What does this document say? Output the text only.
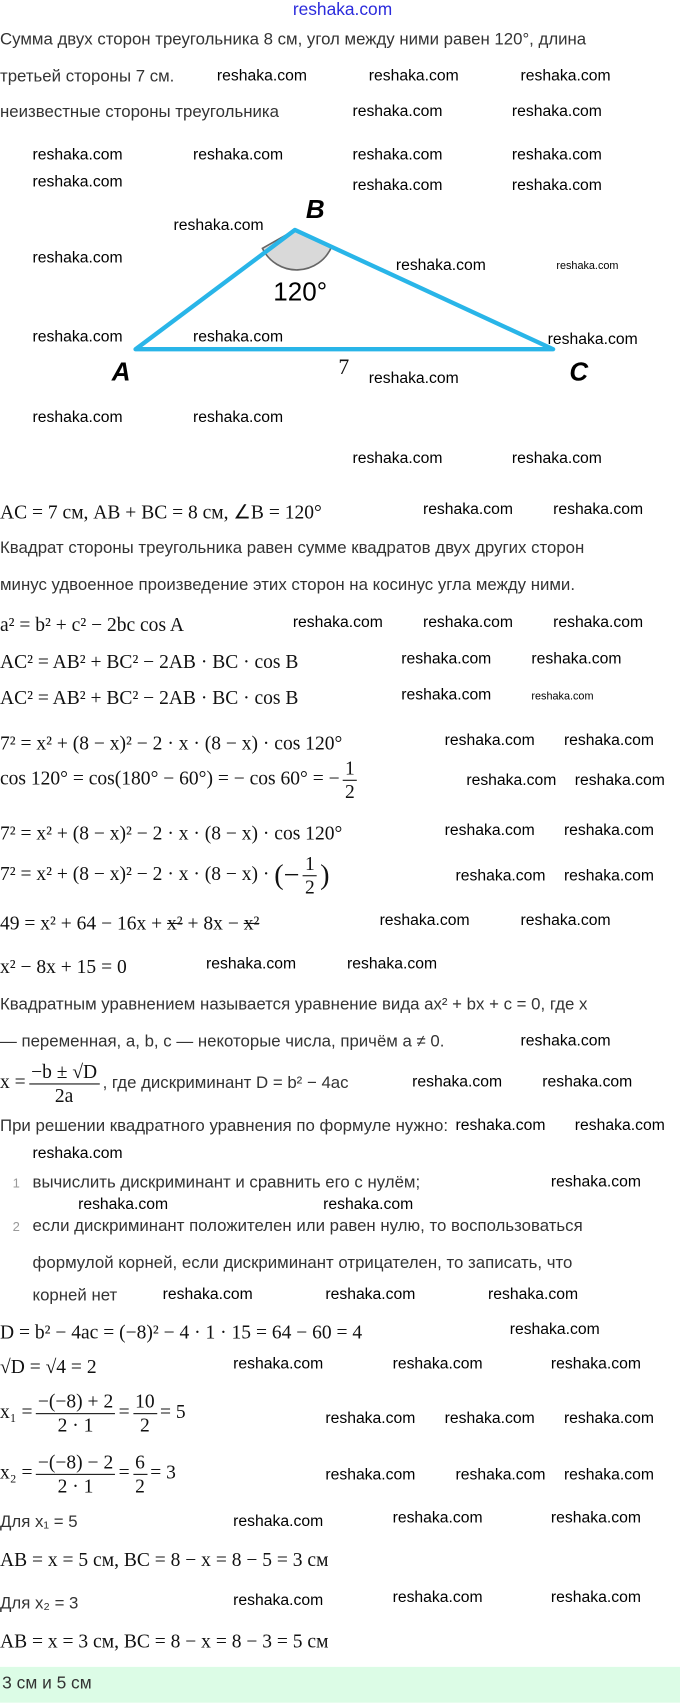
reshaka.com
Сумма двух сторон треугольника 8 см, угол между ними равен 120°, длина
третьей стороны 7 см.
неизвестные стороны треугольника
B
A	C
120°
7
AC = 7 см, AB + BC = 8 см, ∠B = 120°
Квадрат стороны треугольника равен сумме квадратов двух других сторон
минус удвоенное произведение этих сторон на косинус угла между ними.
a² = b² + c² − 2bc cos A
AC² = AB² + BC² − 2AB · BC · cos B
AC² = AB² + BC² − 2AB · BC · cos B
7² = x² + (8 − x)² − 2 · x · (8 − x) · cos 120°
cos 120° = cos(180° − 60°) = − cos 60° = − $\frac{1}{2}$
7² = x² + (8 − x)² − 2 · x · (8 − x) · cos 120°
7² = x² + (8 − x)² − 2 · x · (8 − x) · (− $\frac{1}{2}$ )
49 = x² + 64 − 16x + x² + 8x − x²
x² − 8x + 15 = 0
Квадратным уравнением называется уравнение вида ax² + bx + c = 0, где x
— переменная, a, b, c — некоторые числа, причём a ≠ 0.
$x = \frac{-b \pm √D}{2a}$ , где дискриминант D = b² − 4ac
При решении квадратного уравнения по формуле нужно:
1 вычислить дискриминант и сравнить его с нулём;
2 если дискриминант положителен или равен нулю, то воспользоваться
формулой корней, если дискриминант отрицателен, то записать, что
корней нет
D = b² − 4ac = (−8)² − 4 · 1 · 15 = 64 − 60 = 4
√D = √4 = 2
$x_1 = \frac{-(-8) + 2}{2 \cdot 1} = \frac{10}{2} = 5$
$x_2 = \frac{-(-8) - 2}{2 \cdot 1} = \frac{6}{2} = 3$
Для x₁ = 5
AB = x = 5 см, BC = 8 − x = 8 − 5 = 3 см
Для x₂ = 3
AB = x = 3 см, BC = 8 − x = 8 − 3 = 5 см
3 см и 5 см
reshaka.com	reshaka.com	reshaka.com
reshaka.com	reshaka.com
reshaka.com	reshaka.com	reshaka.com	reshaka.com
reshaka.com	reshaka.com	reshaka.com
reshaka.com
reshaka.com	reshaka.com	reshaka.com
reshaka.com	reshaka.com	reshaka.com
reshaka.com
reshaka.com	reshaka.com
reshaka.com	reshaka.com
reshaka.com	reshaka.com
reshaka.com	reshaka.com	reshaka.com
reshaka.com	reshaka.com
reshaka.com	reshaka.com
reshaka.com reshaka.com
reshaka.com reshaka.com
reshaka.com reshaka.com
reshaka.com reshaka.com
reshaka.com	reshaka.com
reshaka.com	reshaka.com
reshaka.com
reshaka.com	reshaka.com
reshaka.com reshaka.com
reshaka.com
reshaka.com
reshaka.com	reshaka.com
reshaka.com	reshaka.com	reshaka.com
reshaka.com
reshaka.com	reshaka.com	reshaka.com
reshaka.com reshaka.com reshaka.com
reshaka.com	reshaka.com reshaka.com
reshaka.com	reshaka.com	reshaka.com
reshaka.com	reshaka.com	reshaka.com
